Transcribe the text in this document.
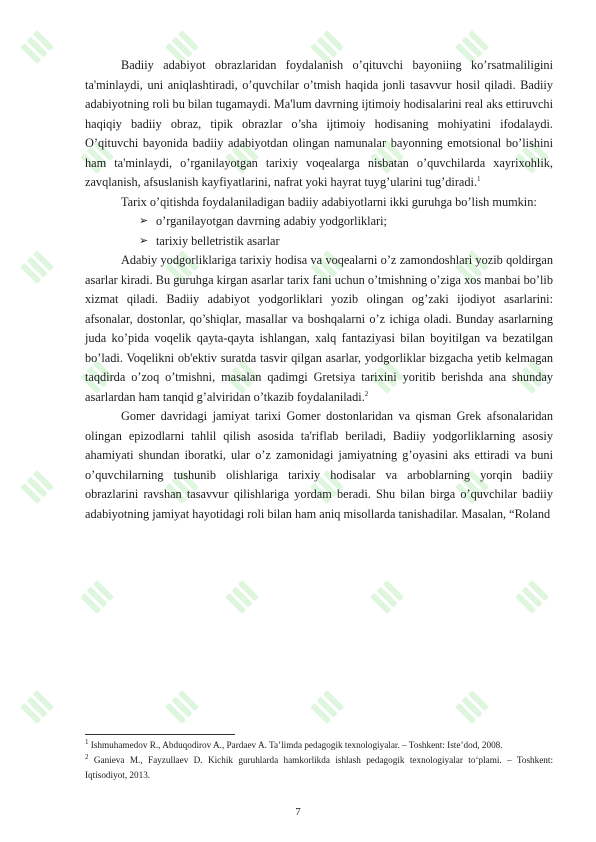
Badiiy adabiyot obrazlaridan foydalanish o’qituvchi bayoniing ko’rsatmaliligini ta'minlaydi, uni aniqlashtiradi, o’quvchilar o’tmish haqida jonli tasavvur hosil qiladi. Badiiy adabiyotning roli bu bilan tugamaydi. Ma'lum davrning ijtimoiy hodisalarini real aks ettiruvchi haqiqiy badiiy obraz, tipik obrazlar o’sha ijtimoiy hodisaning mohiyatini ifodalaydi. O’qituvchi bayonida badiiy adabiyotdan olingan namunalar bayonning emotsional bo’lishini ham ta'minlaydi, o’rganilayotgan tarixiy voqealarga nisbatan o’quvchilarda xayrixohlik, zavqlanish, afsuslanish kayfiyatlarini, nafrat yoki hayrat tuyg’ularini tug’diradi.$^1$

Tarix o’qitishda foydalaniladigan badiiy adabiyotlarni ikki guruhga bo’lish mumkin:

➢ o’rganilayotgan davrning adabiy yodgorliklari;
➢ tarixiy belletristik asarlar

Adabiy yodgorliklariga tarixiy hodisa va voqealarni o’z zamondoshlari yozib qoldirgan asarlar kiradi. Bu guruhga kirgan asarlar tarix fani uchun o’tmishning o’ziga xos manbai bo’lib xizmat qiladi. Badiiy adabiyot yodgorliklari yozib olingan og’zaki ijodiyot asarlarini: afsonalar, dostonlar, qo’shiqlar, masallar va boshqalarni o’z ichiga oladi. Bunday asarlarning juda ko’pida voqelik qayta-qayta ishlangan, xalq fantaziyasi bilan boyitilgan va bezatilgan bo’ladi. Voqelikni ob'ektiv suratda tasvir qilgan asarlar, yodgorliklar bizgacha yetib kelmagan taqdirda o’zoq o’tmishni, masalan qadimgi Gretsiya tarixini yoritib berishda ana shunday asarlardan ham tanqid g’alviridan o’tkazib foydalaniladi.$^2$

Gomer davridagi jamiyat tarixi Gomer dostonlaridan va qisman Grek afsonalaridan olingan epizodlarni tahlil qilish asosida ta'riflab beriladi, Badiiy yodgorliklarning asosiy ahamiyati shundan iboratki, ular o’z zamonidagi jamiyatning g’oyasini aks ettiradi va buni o’quvchilarning tushunib olishlariga tarixiy hodisalar va arboblarning yorqin badiiy obrazlarini ravshan tasavvur qilishlariga yordam beradi. Shu bilan birga o’quvchilar badiiy adabiyotning jamiyat hayotidagi roli bilan ham aniq misollarda tanishadilar. Masalan, “Roland

$^1$ Ishmuhamedov R., Abduqodirov A., Pardaev A. Ta’limda pedagogik texnologiyalar. – Toshkent: Iste’dod, 2008.

$^2$ Ganieva M., Fayzullaev D. Kichik guruhlarda hamkorlikda ishlash pedagogik texnologiyalar to‘plami. – Toshkent: Iqtisodiyot, 2013.

7
